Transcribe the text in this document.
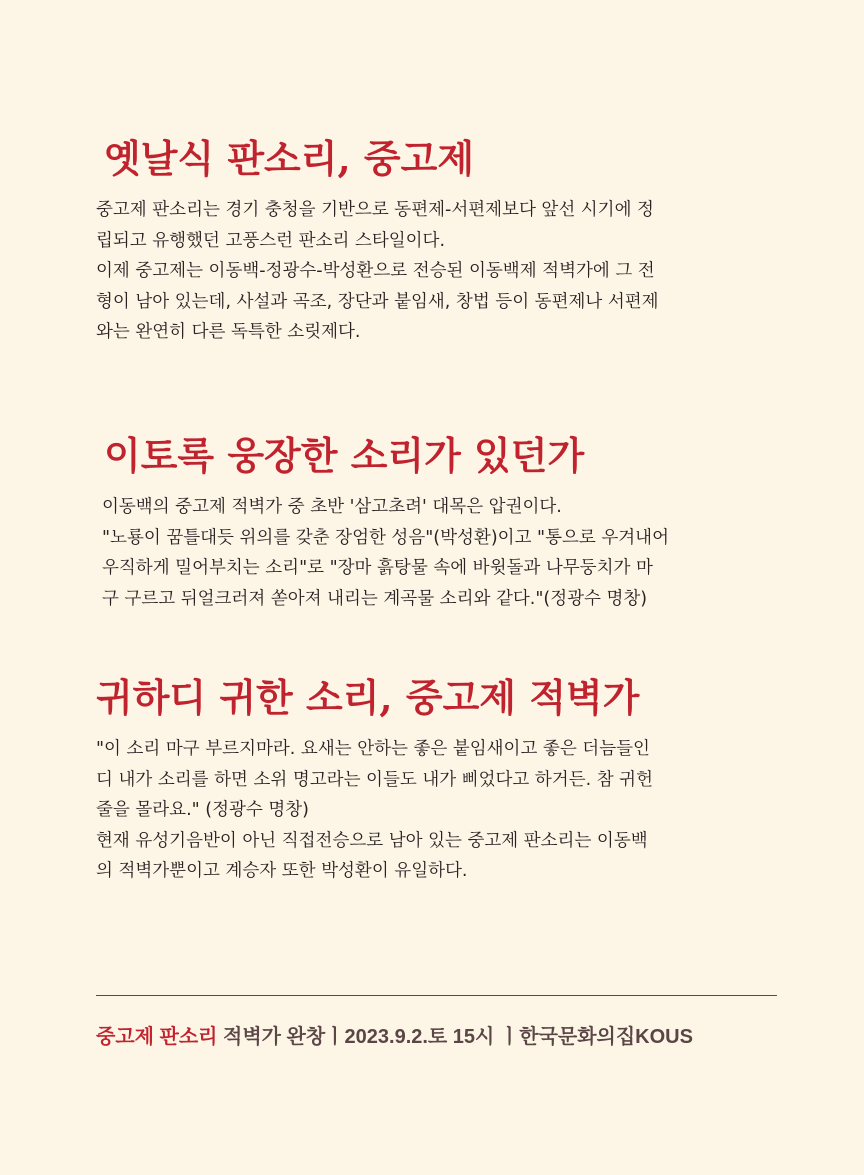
옛날식 판소리, 중고제
중고제 판소리는 경기 충청을 기반으로 동편제-서편제보다 앞선 시기에 정
립되고 유행했던 고풍스런 판소리 스타일이다.
이제 중고제는 이동백-정광수-박성환으로 전승된 이동백제 적벽가에 그 전
형이 남아 있는데, 사설과 곡조, 장단과 붙임새, 창법 등이 동편제나 서편제
와는 완연히 다른 독특한 소릿제다.
이토록 웅장한 소리가 있던가
이동백의 중고제 적벽가 중 초반 '삼고초려' 대목은 압권이다.
"노룡이 꿈틀대듯 위의를 갖춘 장엄한 성음"(박성환)이고 "통으로 우겨내어
우직하게 밀어부치는 소리"로 "장마 흙탕물 속에 바윗돌과 나무둥치가 마
구 구르고 뒤얼크러져 쏟아져 내리는 계곡물 소리와 같다."(정광수 명창)
귀하디 귀한 소리, 중고제 적벽가
"이 소리 마구 부르지마라. 요새는 안하는 좋은 붙임새이고 좋은 더늠들인
디 내가 소리를 하면 소위 명고라는 이들도 내가 삐었다고 하거든. 참 귀헌
줄을 몰라요." (정광수 명창)
현재 유성기음반이 아닌 직접전승으로 남아 있는 중고제 판소리는 이동백
의 적벽가뿐이고 계승자 또한 박성환이 유일하다.
중고제 판소리 적벽가 완창ㅣ2023.9.2.토 15시 ㅣ한국문화의집KOUS
